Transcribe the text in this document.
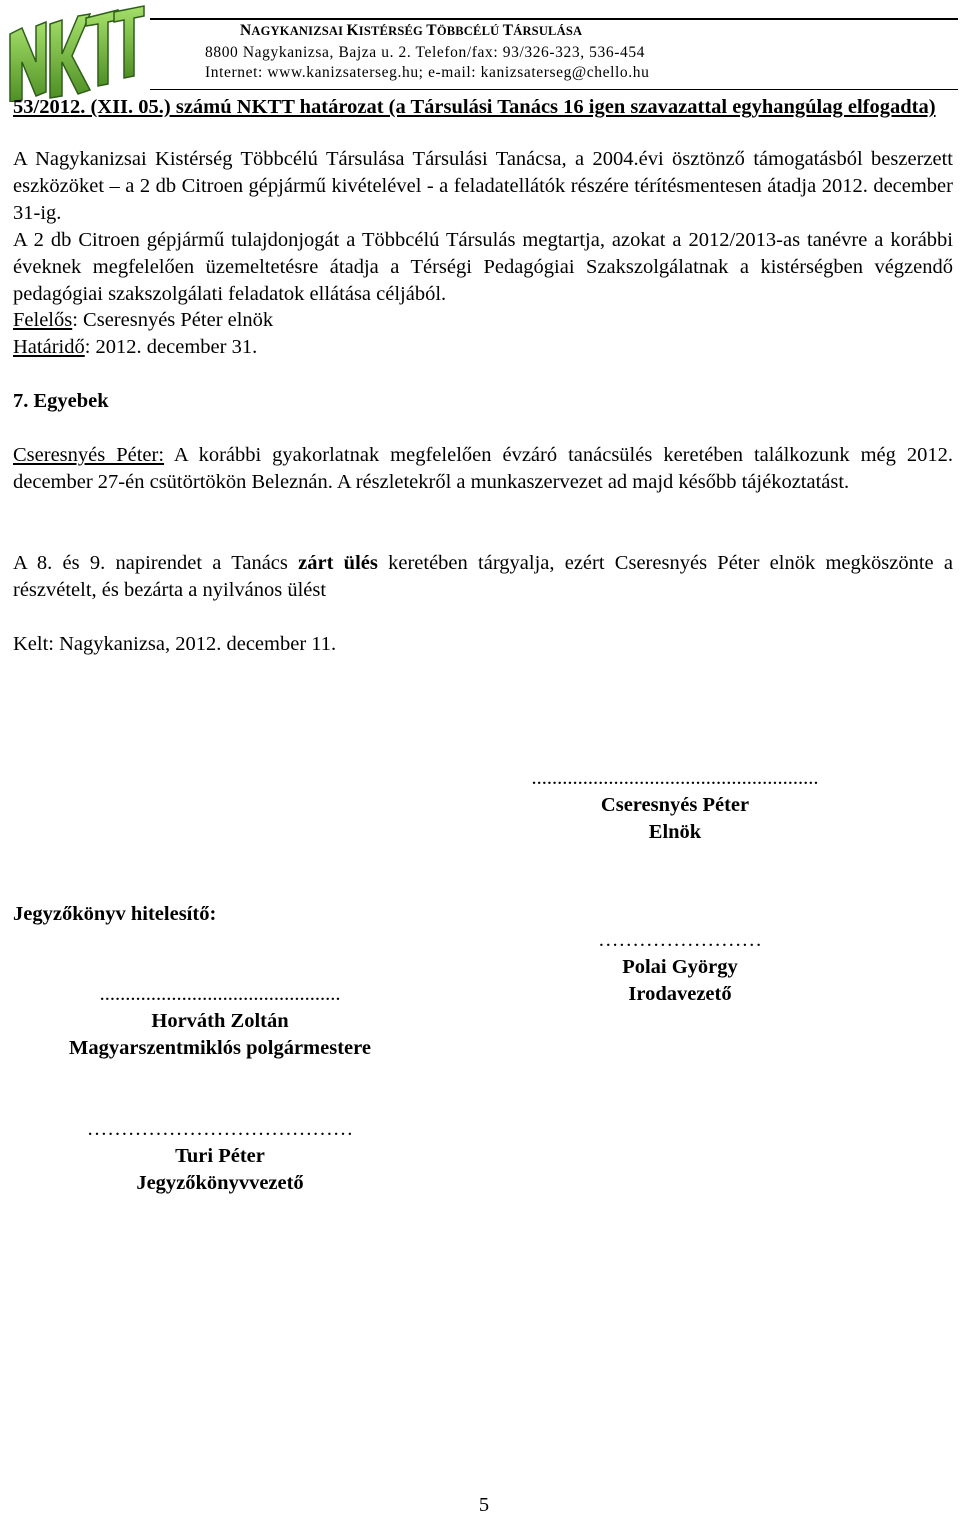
NAGYKANIZSAI KISTÉRSÉG TÖBBCÉLÚ TÁRSULÁSA
8800 Nagykanizsa, Bajza u. 2. Telefon/fax: 93/326-323, 536-454
Internet: www.kanizsaterseg.hu; e-mail: kanizsaterseg@chello.hu
53/2012. (XII. 05.) számú NKTT határozat (a Társulási Tanács 16 igen szavazattal egyhangúlag elfogadta)
A Nagykanizsai Kistérség Többcélú Társulása Társulási Tanácsa, a 2004.évi ösztönző támogatásból beszerzett eszközöket – a 2 db Citroen gépjármű kivételével - a feladatellátók részére térítésmentesen átadja 2012. december 31-ig.
A 2 db Citroen gépjármű tulajdonjogát a Többcélú Társulás megtartja, azokat a 2012/2013-as tanévre a korábbi éveknek megfelelően üzemeltetésre átadja a Térségi Pedagógiai Szakszolgálatnak a kistérségben végzendő pedagógiai szakszolgálati feladatok ellátása céljából.
Felelős: Cseresnyés Péter elnök
Határidő: 2012. december 31.
7. Egyebek
Cseresnyés Péter: A korábbi gyakorlatnak megfelelően évzáró tanácsülés keretében találkozunk még 2012. december 27-én csütörtökön Beleznán. A részletekről a munkaszervezet ad majd később tájékoztatást.
A 8. és 9. napirendet a Tanács zárt ülés keretében tárgyalja, ezért Cseresnyés Péter elnök megköszönte a részvételt, és bezárta a nyilvános ülést
Kelt: Nagykanizsa, 2012. december 11.
........................................................
Cseresnyés Péter
Elnök
Jegyzőkönyv hitelesítő:
……………………
Polai György
Irodavezető
...............................................
Horváth Zoltán
Magyarszentmiklós polgármestere
…………………………………
Turi Péter
Jegyzőkönyvvezető
5
